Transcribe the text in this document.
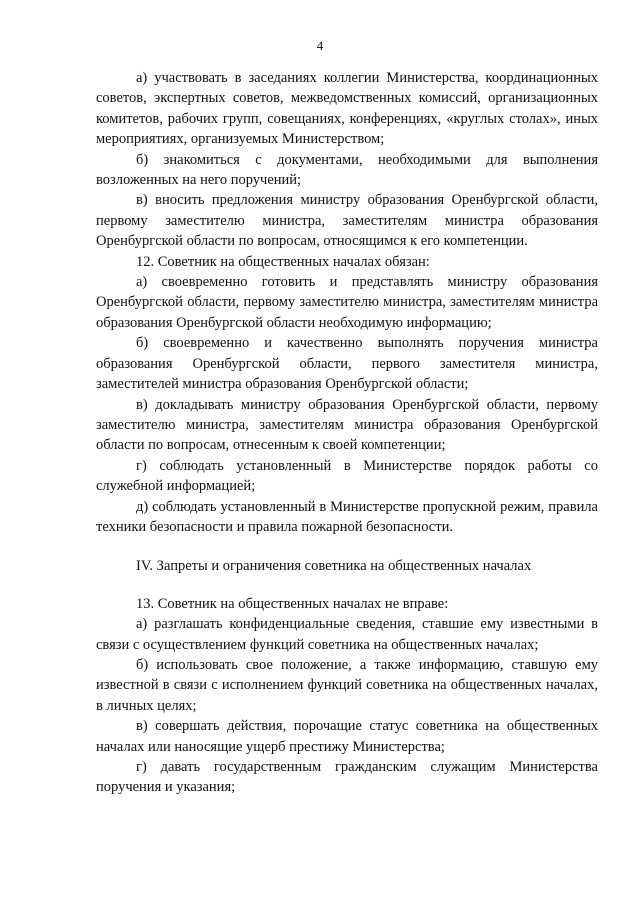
4

а) участвовать в заседаниях коллегии Министерства, координационных советов, экспертных советов, межведомственных комиссий, организационных комитетов, рабочих групп, совещаниях, конференциях, «круглых столах», иных мероприятиях, организуемых Министерством;

б) знакомиться с документами, необходимыми для выполнения возложенных на него поручений;

в) вносить предложения министру образования Оренбургской области, первому заместителю министра, заместителям министра образования Оренбургской области по вопросам, относящимся к его компетенции.

12. Советник на общественных началах обязан:

а) своевременно готовить и представлять министру образования Оренбургской области, первому заместителю министра, заместителям министра образования Оренбургской области необходимую информацию;

б) своевременно и качественно выполнять поручения министра образования Оренбургской области, первого заместителя министра, заместителей министра образования Оренбургской области;

в) докладывать министру образования Оренбургской области, первому заместителю министра, заместителям министра образования Оренбургской области по вопросам, отнесенным к своей компетенции;

г) соблюдать установленный в Министерстве порядок работы со служебной информацией;

д) соблюдать установленный в Министерстве пропускной режим, правила техники безопасности и правила пожарной безопасности.

IV. Запреты и ограничения советника на общественных началах

13. Советник на общественных началах не вправе:

а) разглашать конфиденциальные сведения, ставшие ему известными в связи с осуществлением функций советника на общественных началах;

б) использовать свое положение, а также информацию, ставшую ему известной в связи с исполнением функций советника на общественных началах, в личных целях;

в) совершать действия, порочащие статус советника на общественных началах или наносящие ущерб престижу Министерства;

г) давать государственным гражданским служащим Министерства поручения и указания;
